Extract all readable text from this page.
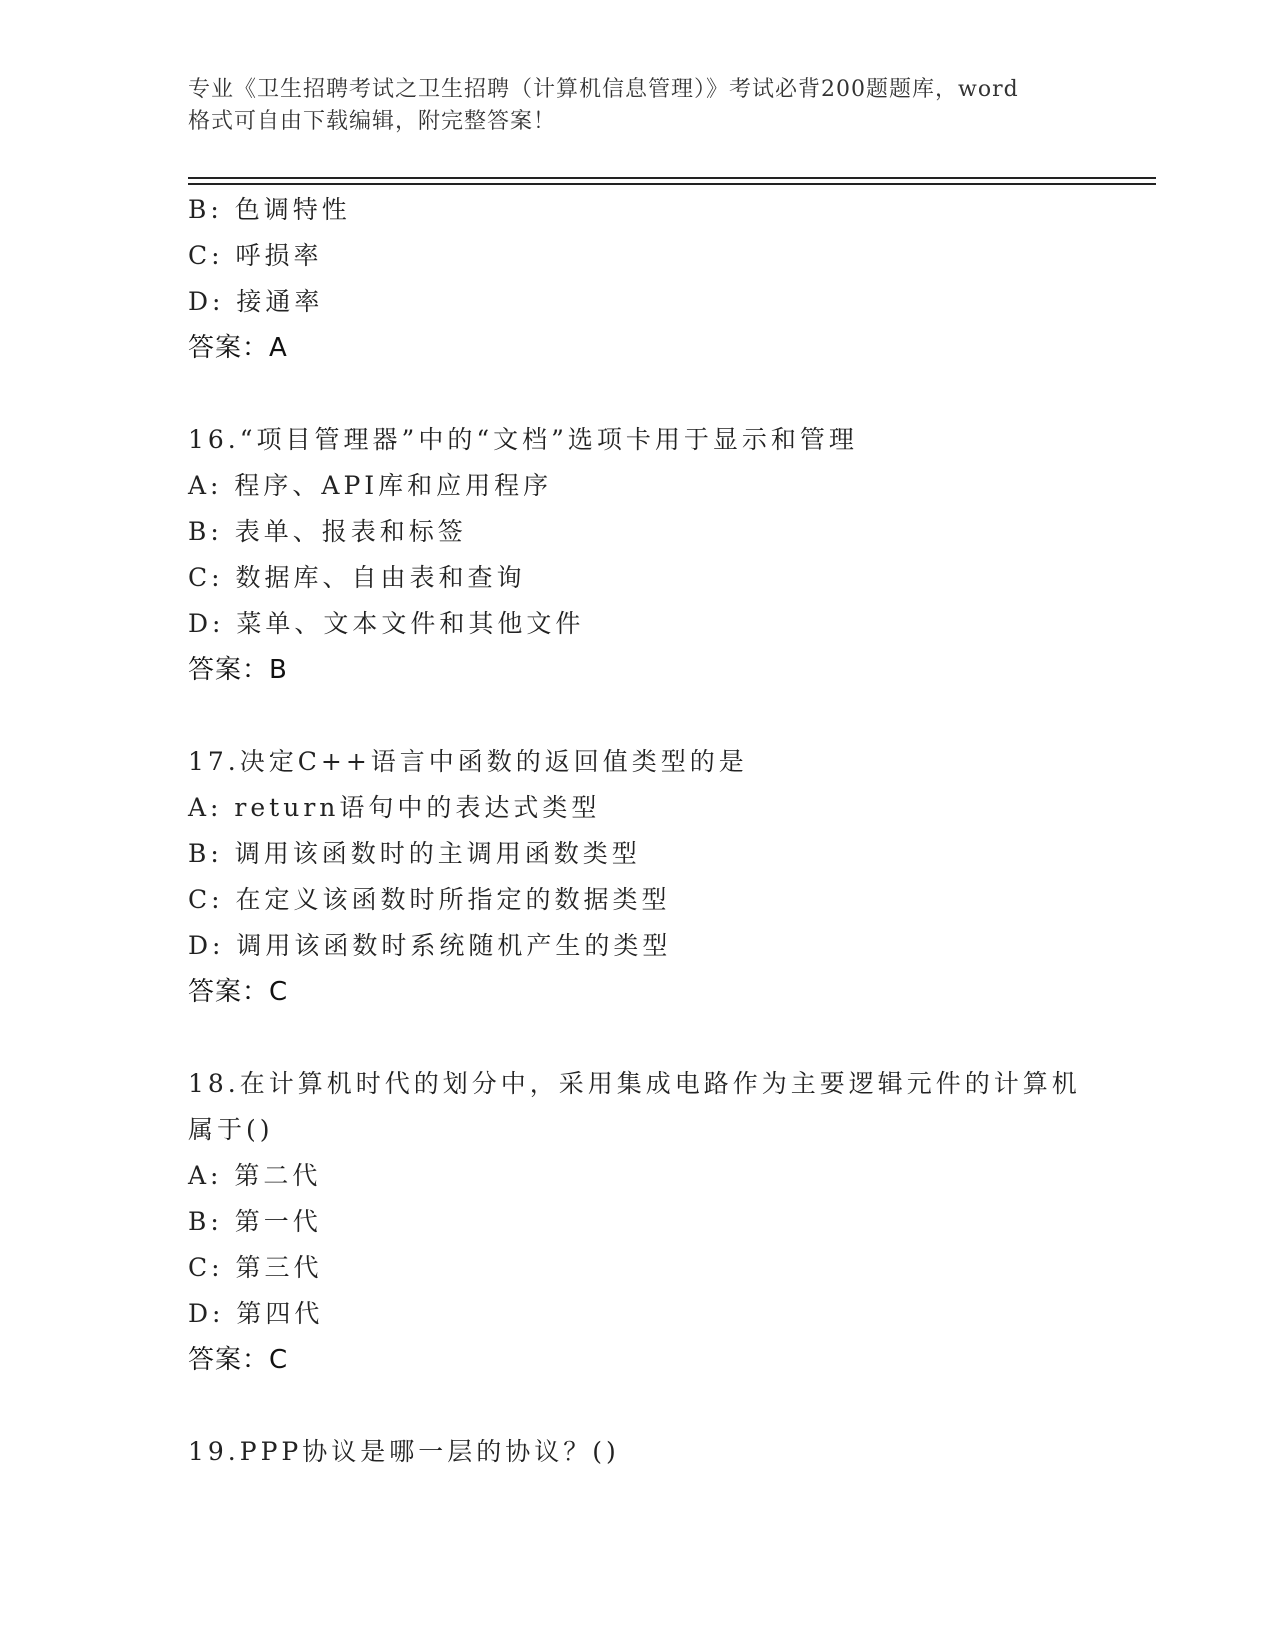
专业《卫生招聘考试之卫生招聘（计算机信息管理）》考试必背200题题库，word
格式可自由下载编辑，附完整答案！
B: 色调特性
C: 呼损率
D: 接通率
答案：A
16.“项目管理器”中的“文档”选项卡用于显示和管理
A: 程序、API库和应用程序
B: 表单、报表和标签
C: 数据库、自由表和查询
D: 菜单、文本文件和其他文件
答案：B
17.决定C++语言中函数的返回值类型的是
A: return语句中的表达式类型
B: 调用该函数时的主调用函数类型
C: 在定义该函数时所指定的数据类型
D: 调用该函数时系统随机产生的类型
答案：C
18.在计算机时代的划分中，采用集成电路作为主要逻辑元件的计算机
属于()
A: 第二代
B: 第一代
C: 第三代
D: 第四代
答案：C
19.PPP协议是哪一层的协议？()
